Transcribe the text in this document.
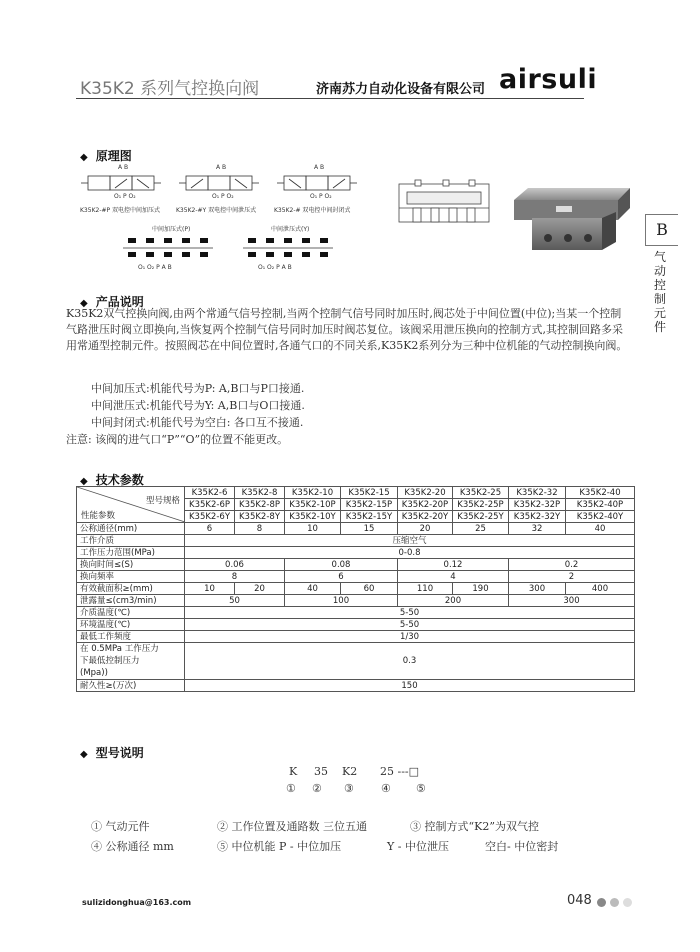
K35K2 系列气控换向阀	济南苏力自动化设备有限公司 airsuli
B
气动控制元件
◆ 原理图
A B	A B	A B
O₁ P O₂	O₁ P O₂	O₁ P O₂
K35K2-#P 双电控中间加压式	K35K2-#Y 双电控中间泄压式	K35K2-# 双电控中间封闭式
中间加压式(P)	中间泄压式(Y)
O₁ O₂ P A B	O₁ O₂ P A B
◆ 产品说明
K35K2双气控换向阀,由两个常通气信号控制,当两个控制气信号同时加压时,阀芯处于中间位置(中位);当某一个控制气路泄压时阀立即换向,当恢复两个控制气信号同时加压时阀芯复位。该阀采用泄压换向的控制方式,其控制回路多采用常通型控制元件。按照阀芯在中间位置时,各通气口的不同关系,K35K2系列分为三种中位机能的气动控制换向阀。
中间加压式:机能代号为P: A,B口与P口接通.
中间泄压式:机能代号为Y: A,B口与O口接通.
中间封闭式:机能代号为空白: 各口互不接通.
注意: 该阀的进气口“P”“O”的位置不能更改。
◆ 技术参数
型号规格
性能参数	K35K2-6	K35K2-8	K35K2-10	K35K2-15	K35K2-20	K35K2-25	K35K2-32	K35K2-40
	K35K2-6P	K35K2-8P	K35K2-10P	K35K2-15P	K35K2-20P	K35K2-25P	K35K2-32P	K35K2-40P
	K35K2-6Y	K35K2-8Y	K35K2-10Y	K35K2-15Y	K35K2-20Y	K35K2-25Y	K35K2-32Y	K35K2-40Y
公称通径(mm)	6	8	10	15	20	25	32	40
工作介质	压缩空气							
工作压力范围(MPa)	0-0.8							
换向时间≤(S)	0.06		0.08		0.12		0.2	
换向频率	8		6		4		2	
有效截面积≥(mm)	10	20	40	60	110	190	300	400
泄露量≤(cm3/min)	50		100		200		300	
介质温度(℃)	5-50							
环境温度(℃)	5-50							
最低工作频度	1/30							

在 0.5MPa 工作压力
下最低控制压力
(Mpa))	0.3							
耐久性≥(万次)	150							
◆ 型号说明
K 35 K2 25 ---□
① ② ③ ④ ⑤
① 气动元件	② 工作位置及通路数 三位五通	③ 控制方式“K2”为双气控
④ 公称通径 mm	⑤ 中位机能 P - 中位加压	Y - 中位泄压	空白- 中位密封
sulizidonghua@163.com	048
